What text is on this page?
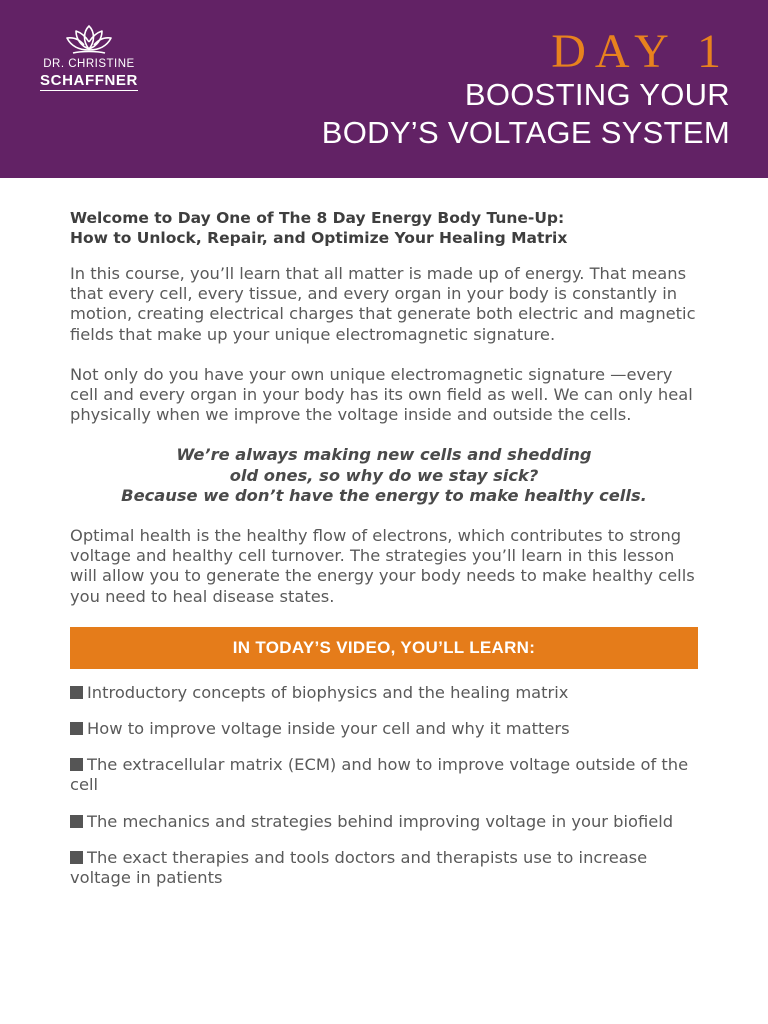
DR. CHRISTINE
SCHAFFNER
DAY 1
BOOSTING YOUR
BODY’S VOLTAGE SYSTEM
Welcome to Day One of The 8 Day Energy Body Tune-Up:
How to Unlock, Repair, and Optimize Your Healing Matrix

In this course, you’ll learn that all matter is made up of energy. That means that every cell, every tissue, and every organ in your body is constantly in motion, creating electrical charges that generate both electric and magnetic fields that make up your unique electromagnetic signature.

Not only do you have your own unique electromagnetic signature —every cell and every organ in your body has its own field as well. We can only heal physically when we improve the voltage inside and outside the cells.

We’re always making new cells and shedding
old ones, so why do we stay sick?
Because we don’t have the energy to make healthy cells.

Optimal health is the healthy flow of electrons, which contributes to strong voltage and healthy cell turnover. The strategies you’ll learn in this lesson will allow you to generate the energy your body needs to make healthy cells you need to heal disease states.

IN TODAY’S VIDEO, YOU’LL LEARN:
Introductory concepts of biophysics and the healing matrix
How to improve voltage inside your cell and why it matters
The extracellular matrix (ECM) and how to improve voltage outside of the cell
The mechanics and strategies behind improving voltage in your biofield
The exact therapies and tools doctors and therapists use to increase voltage in patients
